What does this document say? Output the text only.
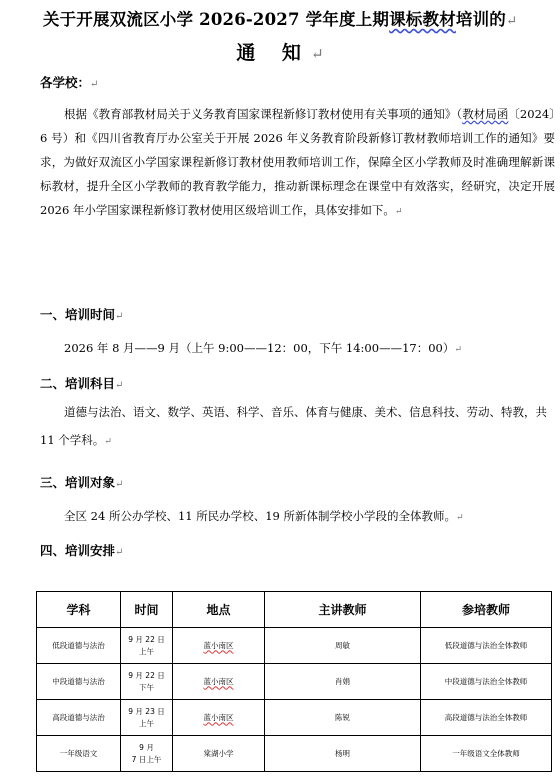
关于开展双流区小学 2026-2027 学年度上期课标教材培训的↵
通 知↵
各学校：↵
根据《教育部教材局关于义务教育国家课程新修订教材使用有关事项的通知》（教材局函〔2024〕6 号）和《四川省教育厅办公室关于开展 2026 年义务教育阶段新修订教材教师培训工作的通知》要求，为做好双流区小学国家课程新修订教材使用教师培训工作，保障全区小学教师及时准确理解新课标教材，提升全区小学教师的教育教学能力，推动新课标理念在课堂中有效落实，经研究，决定开展 2026 年小学国家课程新修订教材使用区级培训工作，具体安排如下。↵
一、培训时间↵
2026 年 8 月——9 月（上午 9:00——12：00，下午 14:00——17：00）↵
二、培训科目↵
道德与法治、语文、数学、英语、科学、音乐、体育与健康、美术、信息科技、劳动、特教，共 11 个学科。↵
三、培训对象↵
全区 24 所公办学校、11 所民办学校、19 所新体制学校小学段的全体教师。↵
四、培训安排↵
学科	时间	地点	主讲教师	参培教师
低段道德与法治	9 月 22 日
上午	蓝小南区	周敏	低段道德与法治全体教师
中段道德与法治	9 月 22 日
下午	蓝小南区	肖娟	中段道德与法治全体教师
高段道德与法治	9 月 23 日
上午	蓝小南区	陈锐	高段道德与法治全体教师
一年级语文	9 月
7 日上午	棠湖小学	杨明	一年级语文全体教师
